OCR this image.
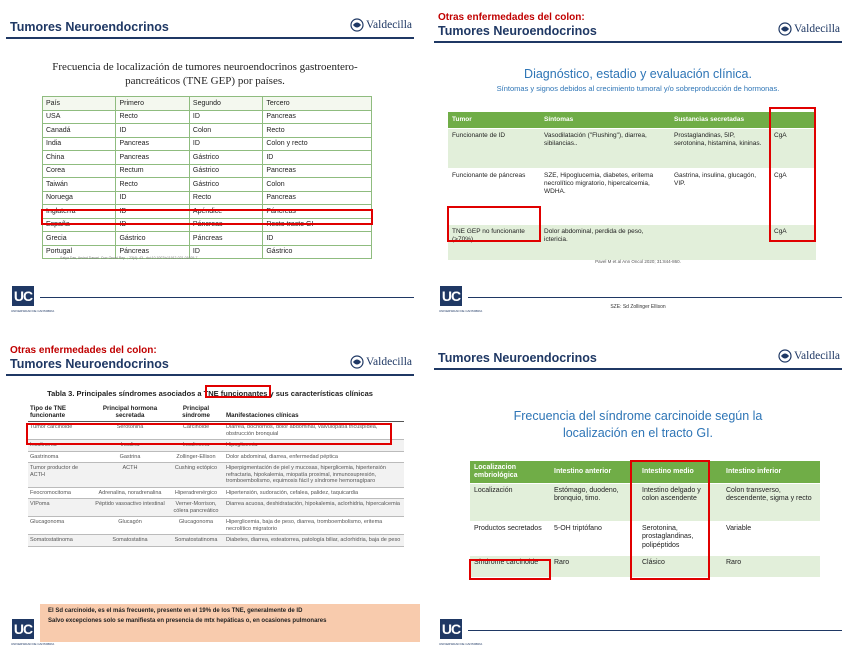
Tumores Neuroendocrinos	Valdecilla
Frecuencia de localización de tumores neuroendocrinos gastroentero-pancreáticos (TNE GEP) por países.
País	Primero	Segundo	Tercero
USA	Recto	ID	Pancreas
Canadá	ID	Colon	Recto
India	Pancreas	ID	Colon y recto
China	Pancreas	Gástrico	ID
Corea	Rectum	Gástrico	Pancreas
Taiwán	Recto	Gástrico	Colon
Noruega	ID	Recto	Pancreas
Inglaterra	ID	Apéndice	Páncreas
España	ID	Páncreas	Resto tracto GI
Grecia	Gástrico	Páncreas	ID
Portugal	Páncreas	ID	Gástrico
Satya Das, Arvind Dasari. Curr Oncol Rep. ; 23(4): 43.. doi:10.1007/s11912-021-01029-7.
UC
UNIVERSIDAD DE CANTABRIA
Otras enfermedades del colon:
Tumores Neuroendocrinos	Valdecilla
Diagnóstico, estadio y evaluación clínica.
Síntomas y signos debidos al crecimiento tumoral y/o sobreproducción de hormonas.
Tumor	Síntomas	Sustancias secretadas	
Funcionante de ID	Vasodilatación ("Flushing"), diarrea, sibilancias..	Prostaglandinas, 5IP, serotonina, histamina, kininas.	CgA
Funcionante de páncreas	SZE, Hipoglucemia, diabetes, eritema necrolítico migratorio, hipercalcemia, WDHA.	Gastrina, insulina, glucagón, VIP.	CgA
TNE GEP no funcionante (>70%)	Dolor abdominal, perdida de peso, ictericia.		CgA
Pavel M et al Ann Oncol 2020; 31:844-860.
UC
UNIVERSIDAD DE CANTABRIA
SZE: Sd Zollinger Ellison
Otras enfermedades del colon:
Tumores Neuroendocrinos	Valdecilla
Tabla 3. Principales síndromes asociados a TNE funcionantes y sus características clínicas
Tipo de TNE funcionante	Principal hormona secretada	Principal síndrome	Manifestaciones clínicas
Tumor carcinoide	Serotonina	Carcinoide	Diarrea, bochornos, dolor abdominal, valvulopatía tricuspídea, obstrucción bronquial
Insulinoma	Insulina	Insulinoma	Hipoglicemia
Gastrinoma	Gastrina	Zollinger-Ellison	Dolor abdominal, diarrea, enfermedad péptica
Tumor productor de ACTH	ACTH	Cushing ectópico	Hiperpigmentación de piel y mucosas, hiperglicemia, hipertensión refractaria, hipokalemia, miopatía proximal, inmunosupresión, tromboembolismo, equimosis fácil y síndrome hemorragíparo
Feocromocitoma	Adrenalina, noradrenalina	Hiperadrenérgico	Hipertensión, sudoración, cefalea, palidez, taquicardia
VIPoma	Péptido vasoactivo intestinal	Verner-Morrison, cólera pancreático	Diarrea acuosa, deshidratación, hipokalemia, aclorhidria, hipercalcemia
Glucagonoma	Glucagón	Glucagonoma	Hiperglicemia, baja de peso, diarrea, tromboembolismo, eritema necrolítico migratorio
Somatostatinoma	Somatostatina	Somatostatinoma	Diabetes, diarrea, esteatorrea, patología biliar, aclorhidria, baja de peso
UC
UNIVERSIDAD DE CANTABRIA
El Sd carcinoide, es el más frecuente, presente en el 19% de los TNE, generalmente de ID
Salvo excepciones solo se manifiesta en presencia de mtx hepáticas o, en ocasiones pulmonares
Tumores Neuroendocrinos	Valdecilla
Frecuencia del síndrome carcinoide según la
localización en el tracto GI.
Localizacion embriológica	Intestino anterior	Intestino medio	Intestino inferior
Localización	Estómago, duodeno, bronquio, timo.	Intestino delgado y colon ascendente	Colon transverso, descendente, sigma y recto
Productos secretados	5-OH triptófano	Serotonina, prostaglandinas, polipéptidos	Variable
Síndrome carcinoide	Raro	Clásico	Raro
UC
UNIVERSIDAD DE CANTABRIA
